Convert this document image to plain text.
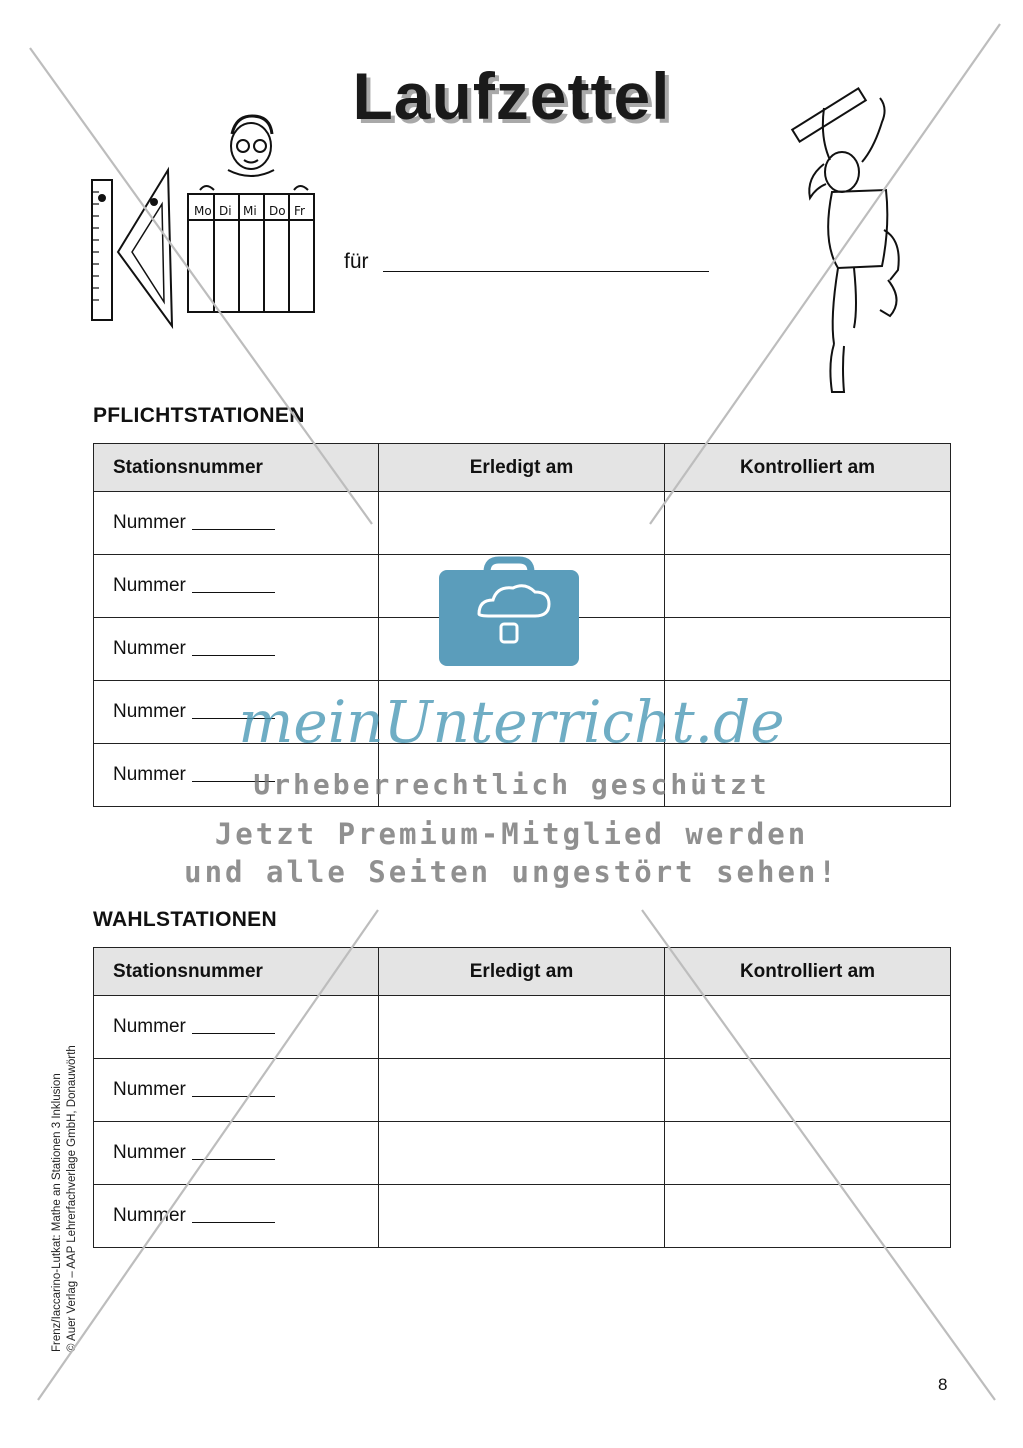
Laufzettel
Mo Di Mi Do Fr
für
PFLICHTSTATIONEN
Stationsnummer	Erledigt am	Kontrolliert am
Nummer		
Nummer		
Nummer		
Nummer		
Nummer		
WAHLSTATIONEN
Stationsnummer	Erledigt am	Kontrolliert am
Nummer		
Nummer		
Nummer		
Nummer		
Frenz/Iaccarino-Lutkat: Mathe an Stationen 3 Inklusion © Auer Verlag – AAP Lehrerfachverlage GmbH, Donauwörth
8
meinUnterricht.de
Urheberrechtlich geschützt
Jetzt Premium-Mitglied werden
und alle Seiten ungestört sehen!
